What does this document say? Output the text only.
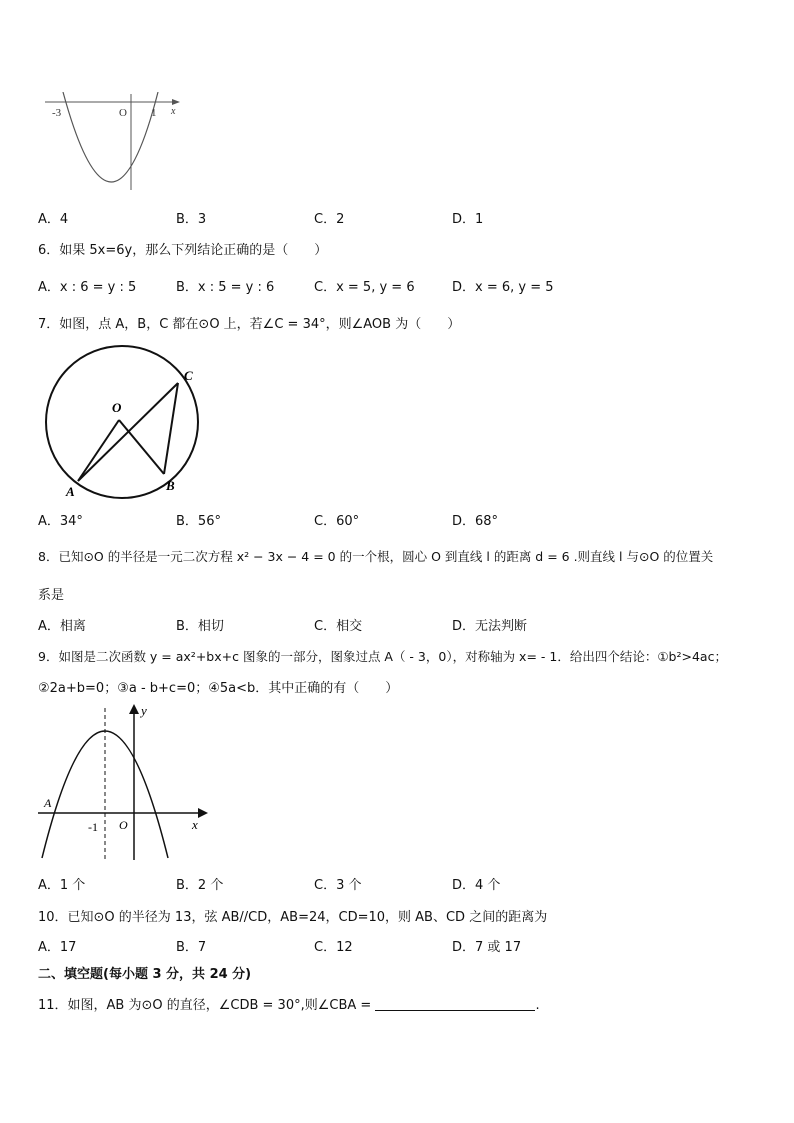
-3	O 1 x
A．4	B．3	C．2	D．1
6．如果 5x=6y，那么下列结论正确的是（　　）
A．x : 6 = y : 5	B．x : 5 = y : 6	C．x = 5, y = 6	D．x = 6, y = 5
7．如图，点 A，B，C 都在⊙O 上，若∠C = 34°，则∠AOB 为（　　）
O
A	B
C
A．34°	B．56°	C．60°	D．68°
8．已知⊙O 的半径是一元二次方程 x² − 3x − 4 = 0 的一个根，圆心 O 到直线 l 的距离 d = 6 .则直线 l 与⊙O 的位置关
系是
A．相离	B．相切	C．相交	D．无法判断
9．如图是二次函数 y = ax²+bx+c 图象的一部分，图象过点 A（ - 3，0），对称轴为 x= - 1．给出四个结论：①b²>4ac；
②2a+b=0；③a - b+c=0；④5a<b．其中正确的有（　　）
y
A
-1 O	x
A．1 个	B．2 个	C．3 个	D．4 个
10．已知⊙O 的半径为 13，弦 AB//CD，AB=24，CD=10，则 AB、CD 之间的距离为
A．17	B．7	C．12	D．7 或 17
二、填空题(每小题 3 分，共 24 分)
11．如图，AB 为⊙O 的直径，∠CDB = 30°,则∠CBA =	.
